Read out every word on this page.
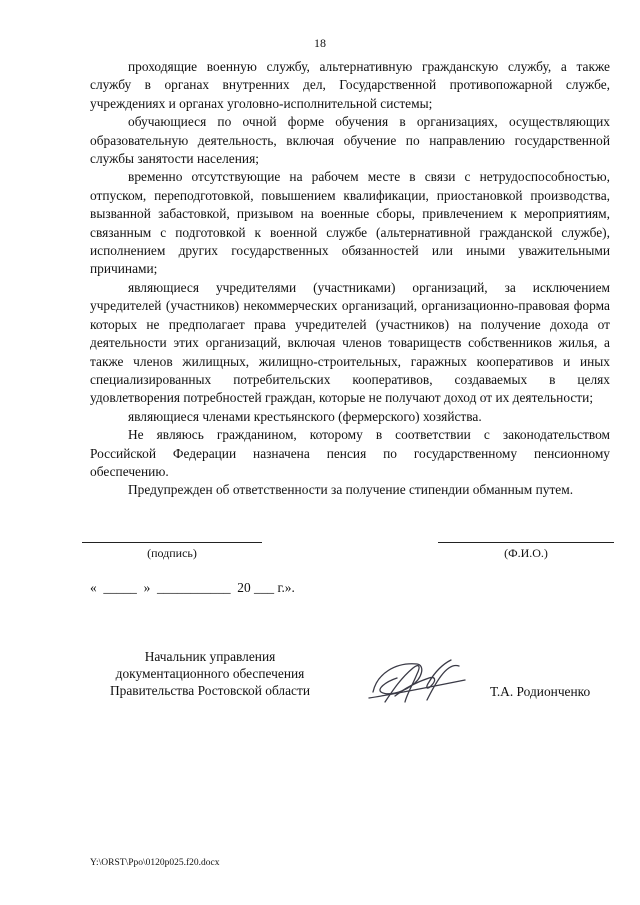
18

проходящие военную службу, альтернативную гражданскую службу, а также службу в органах внутренних дел, Государственной противопожарной службе, учреждениях и органах уголовно-исполнительной системы;

обучающиеся по очной форме обучения в организациях, осуществляющих образовательную деятельность, включая обучение по направлению государственной службы занятости населения;

временно отсутствующие на рабочем месте в связи с нетрудоспособностью, отпуском, переподготовкой, повышением квалификации, приостановкой производства, вызванной забастовкой, призывом на военные сборы, привлечением к мероприятиям, связанным с подготовкой к военной службе (альтернативной гражданской службе), исполнением других государственных обязанностей или иными уважительными причинами;

являющиеся учредителями (участниками) организаций, за исключением учредителей (участников) некоммерческих организаций, организационно-правовая форма которых не предполагает права учредителей (участников) на получение дохода от деятельности этих организаций, включая членов товариществ собственников жилья, а также членов жилищных, жилищно-строительных, гаражных кооперативов и иных специализированных потребительских кооперативов, создаваемых в целях удовлетворения потребностей граждан, которые не получают доход от их деятельности;

являющиеся членами крестьянского (фермерского) хозяйства.

Не являюсь гражданином, которому в соответствии с законодательством Российской Федерации назначена пенсия по государственному пенсионному обеспечению.

Предупрежден об ответственности за получение стипендии обманным путем.

(подпись)	(Ф.И.О.)
«  _____  »  ___________  20 ___ г.».
Начальник управления
документационного обеспечения
Правительства Ростовской области	Т.А. Родионченко
Y:\ORST\Ppo\0120p025.f20.docx
